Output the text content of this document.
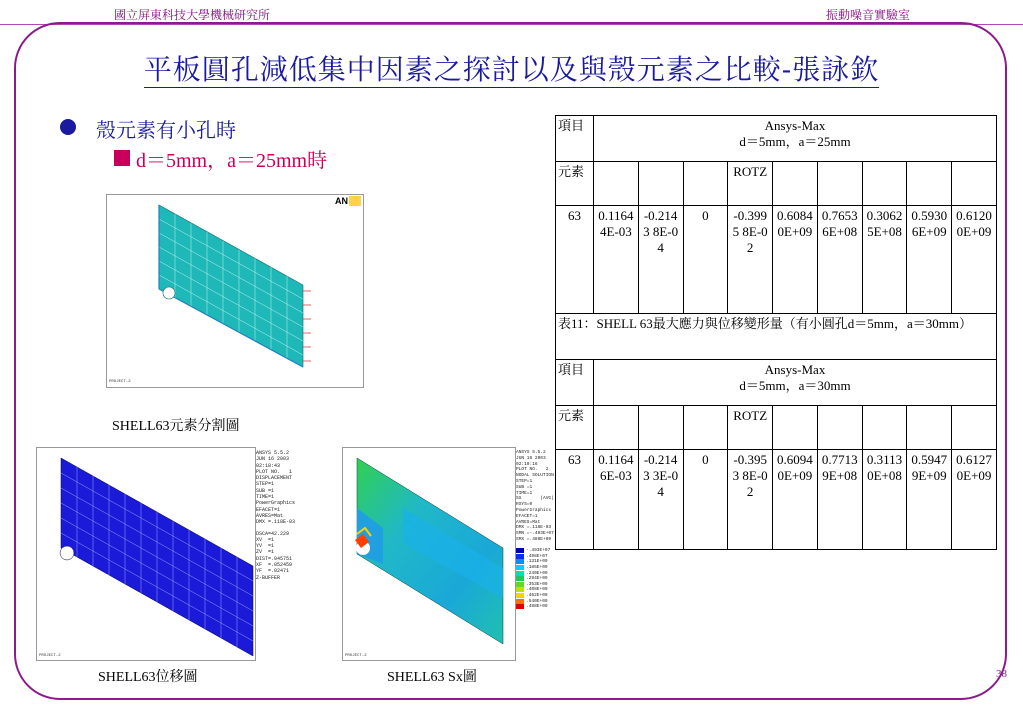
國立屏東科技大學機械研究所	振動噪音實驗室
平板圓孔減低集中因素之探討以及與殼元素之比較-張詠欽
殼元素有小孔時
d＝5mm，a＝25mm時
AN
PROJECT-2
SHELL63元素分割圖
PROJECT-2
ANSYS 5.5.2
JUN 16 2003
02:18:43
PLOT NO.   1
DISPLACEMENT
STEP=1
SUB =1
TIME=1
PowerGraphics
EFACET=1
AVRES=Mat
DMX =.118E-03
DSCA=42.229
XV  =1
YV  =1
ZV  =1
DIST=.045751
XF  =.052459
YF  =.02471
Z-BUFFER
SHELL63位移圖
PROJECT-2
ANSYS 5.5.2
JUN 16 2003
02:19:16
PLOT NO.   2
NODAL SOLUTION
STEP=1
SUB =1
TIME=1
SX       (AVG)
RSYS=0
PowerGraphics
EFACET=1
AVRES=Mat
DMX =.118E-03
SMN =-.493E+07
SMX =.488E+09
-.493E+07
.498E+07
.131E+09
.185E+09
.240E+09
.294E+09
.353E+09
.408E+09
.462E+09
.540E+09
.488E+09
SHELL63 Sx圖
項目	Ansys-Max
d＝5mm，a＝25mm								

元素				ROTZ					
63	0.1164 4E-03	-0.2143 8E-04	0	-0.3995 8E-02	0.6084 0E+09	0.7653 6E+08	0.3062 5E+08	0.5930 6E+09	0.6120 0E+09
表11：SHELL 63最大應力與位移變形量（有小圓孔d＝5mm，a＝30mm）									
項目	Ansys-Max
d＝5mm，a＝30mm								

元素				ROTZ					
63	0.1164 6E-03	-0.2143 3E-04	0	-0.3953 8E-02	0.6094 0E+09	0.7713 9E+08	0.3113 0E+08	0.5947 9E+09	0.6127 0E+09
38
